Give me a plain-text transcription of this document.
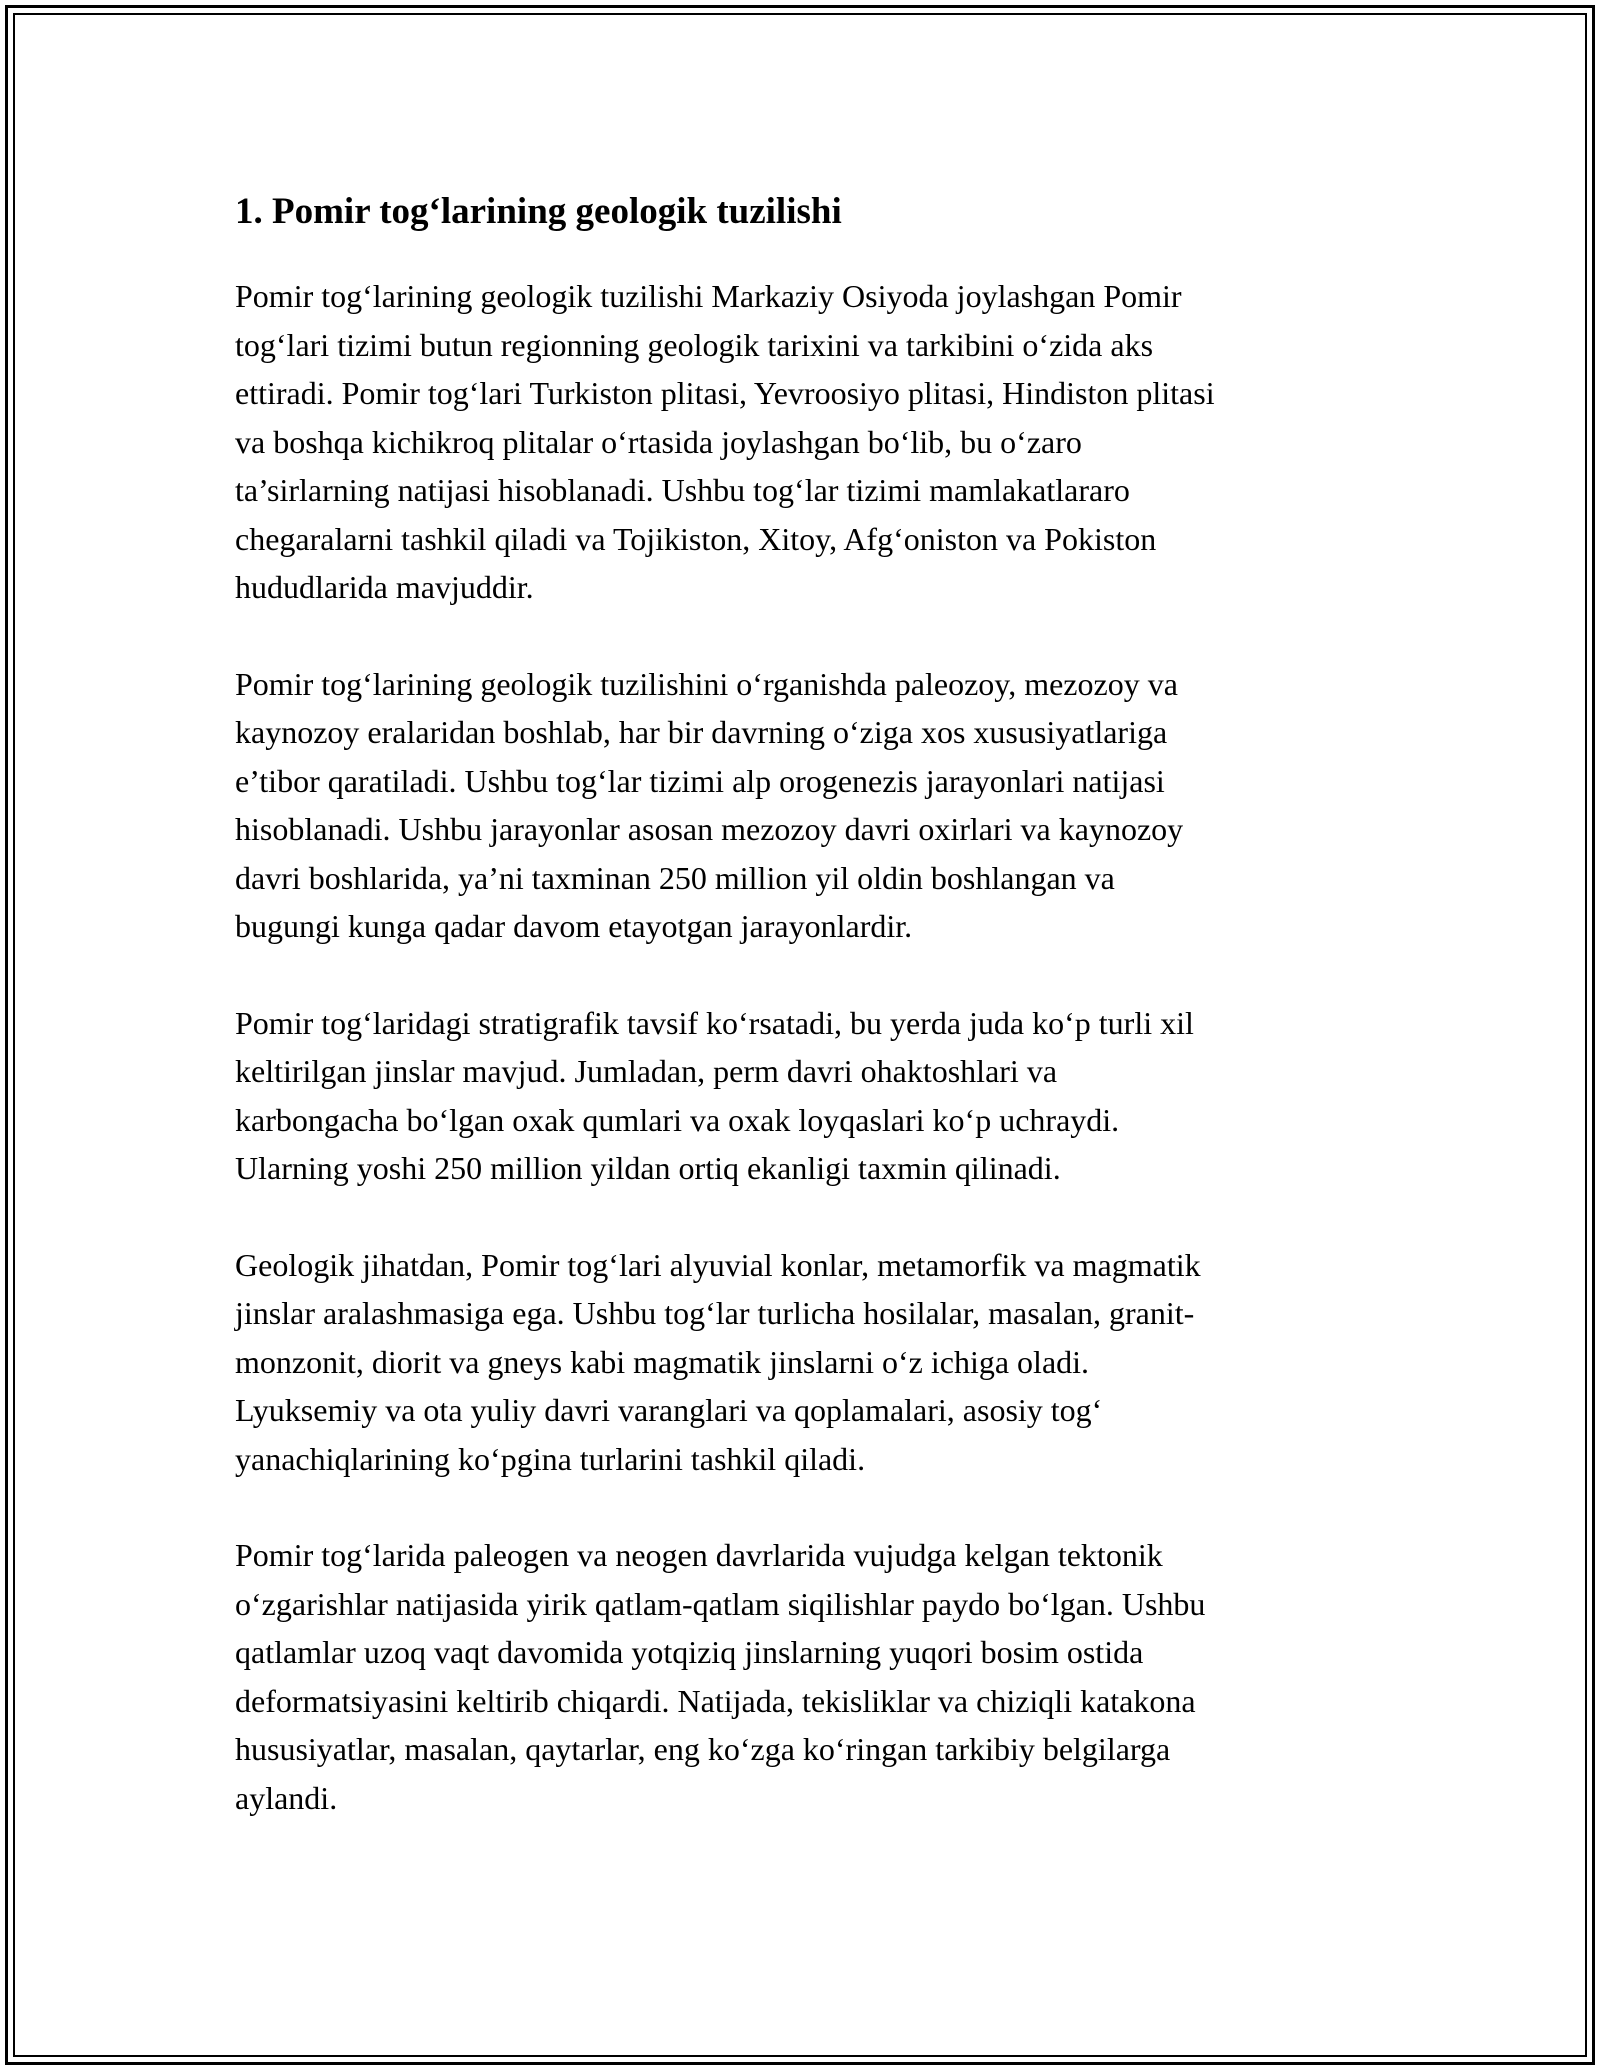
1. Pomir tog‘larining geologik tuzilishi

Pomir tog‘larining geologik tuzilishi Markaziy Osiyoda joylashgan Pomir
tog‘lari tizimi butun regionning geologik tarixini va tarkibini o‘zida aks
ettiradi. Pomir tog‘lari Turkiston plitasi, Yevroosiyo plitasi, Hindiston plitasi
va boshqa kichikroq plitalar o‘rtasida joylashgan bo‘lib, bu o‘zaro
ta’sirlarning natijasi hisoblanadi. Ushbu tog‘lar tizimi mamlakatlararo
chegaralarni tashkil qiladi va Tojikiston, Xitoy, Afg‘oniston va Pokiston
hududlarida mavjuddir.

Pomir tog‘larining geologik tuzilishini o‘rganishda paleozoy, mezozoy va
kaynozoy eralaridan boshlab, har bir davrning o‘ziga xos xususiyatlariga
e’tibor qaratiladi. Ushbu tog‘lar tizimi alp orogenezis jarayonlari natijasi
hisoblanadi. Ushbu jarayonlar asosan mezozoy davri oxirlari va kaynozoy
davri boshlarida, ya’ni taxminan 250 million yil oldin boshlangan va
bugungi kunga qadar davom etayotgan jarayonlardir.

Pomir tog‘laridagi stratigrafik tavsif ko‘rsatadi, bu yerda juda ko‘p turli xil
keltirilgan jinslar mavjud. Jumladan, perm davri ohaktoshlari va
karbongacha bo‘lgan oxak qumlari va oxak loyqaslari ko‘p uchraydi.
Ularning yoshi 250 million yildan ortiq ekanligi taxmin qilinadi.

Geologik jihatdan, Pomir tog‘lari alyuvial konlar, metamorfik va magmatik
jinslar aralashmasiga ega. Ushbu tog‘lar turlicha hosilalar, masalan, granit-
monzonit, diorit va gneys kabi magmatik jinslarni o‘z ichiga oladi.
Lyuksemiy va ota yuliy davri varanglari va qoplamalari, asosiy tog‘
yanachiqlarining ko‘pgina turlarini tashkil qiladi.

Pomir tog‘larida paleogen va neogen davrlarida vujudga kelgan tektonik
o‘zgarishlar natijasida yirik qatlam-qatlam siqilishlar paydo bo‘lgan. Ushbu
qatlamlar uzoq vaqt davomida yotqiziq jinslarning yuqori bosim ostida
deformatsiyasini keltirib chiqardi. Natijada, tekisliklar va chiziqli katakona
hususiyatlar, masalan, qaytarlar, eng ko‘zga ko‘ringan tarkibiy belgilarga
aylandi.
